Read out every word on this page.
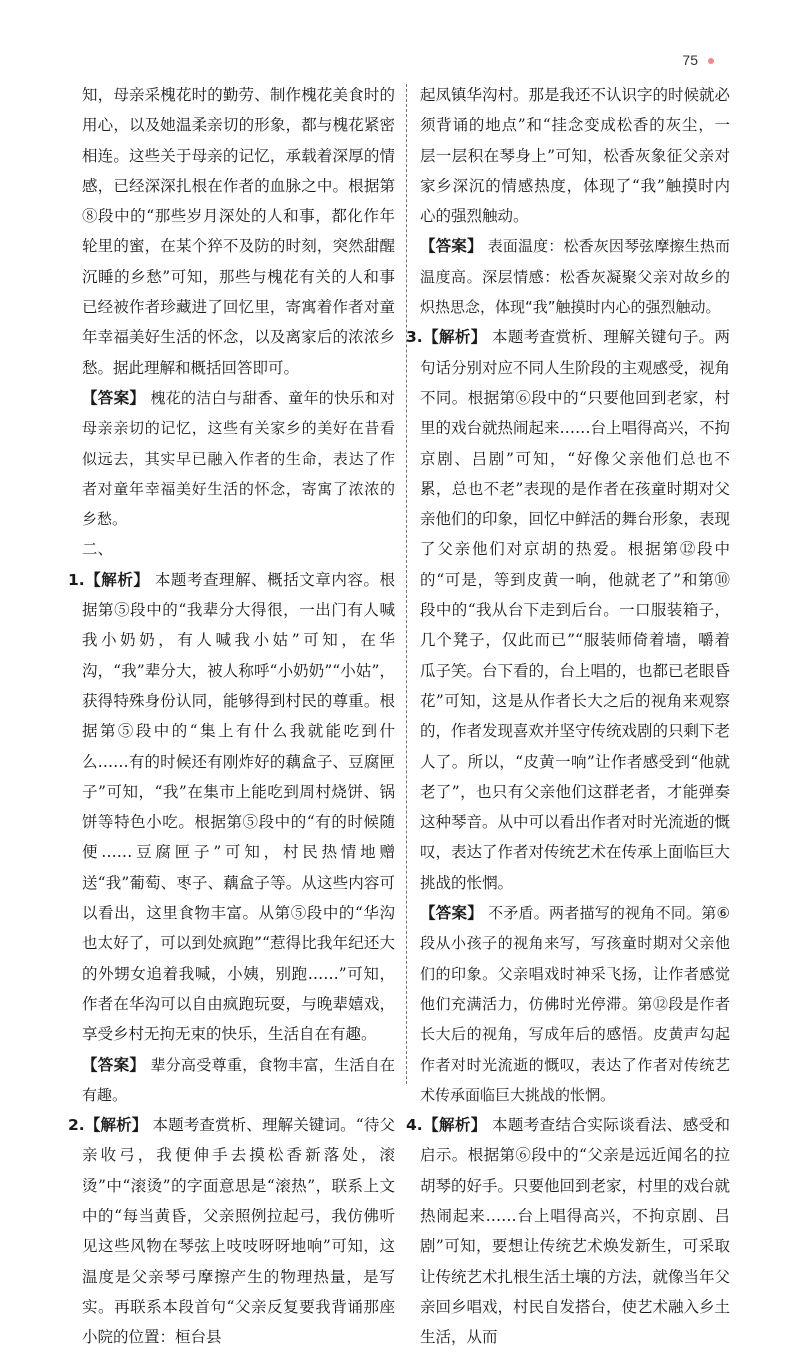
75

知，母亲采槐花时的勤劳、制作槐花美食时的用心，以及她温柔亲切的形象，都与槐花紧密相连。这些关于母亲的记忆，承载着深厚的情感，已经深深扎根在作者的血脉之中。根据第⑧段中的“那些岁月深处的人和事，都化作年轮里的蜜，在某个猝不及防的时刻，突然甜醒沉睡的乡愁”可知，那些与槐花有关的人和事已经被作者珍藏进了回忆里，寄寓着作者对童年幸福美好生活的怀念，以及离家后的浓浓乡愁。据此理解和概括回答即可。

【答案】 槐花的洁白与甜香、童年的快乐和对母亲亲切的记忆，这些有关家乡的美好在昔看似远去，其实早已融入作者的生命，表达了作者对童年幸福美好生活的怀念，寄寓了浓浓的乡愁。

二、

1.【解析】 本题考查理解、概括文章内容。根据第⑤段中的“我辈分大得很，一出门有人喊我小奶奶，有人喊我小姑”可知，在华沟，“我”辈分大，被人称呼“小奶奶”“小姑”，获得特殊身份认同，能够得到村民的尊重。根据第⑤段中的“集上有什么我就能吃到什么……有的时候还有刚炸好的藕盒子、豆腐匣子”可知，“我”在集市上能吃到周村烧饼、锅饼等特色小吃。根据第⑤段中的“有的时候随便……豆腐匣子”可知，村民热情地赠送“我”葡萄、枣子、藕盒子等。从这些内容可以看出，这里食物丰富。从第⑤段中的“华沟也太好了，可以到处疯跑”“惹得比我年纪还大的外甥女追着我喊，小姨，别跑……”可知，作者在华沟可以自由疯跑玩耍，与晚辈嬉戏，享受乡村无拘无束的快乐，生活自在有趣。

【答案】 辈分高受尊重，食物丰富，生活自在有趣。

2.【解析】 本题考查赏析、理解关键词。“待父亲收弓，我便伸手去摸松香新落处，滚烫”中“滚烫”的字面意思是“滚热”，联系上文中的“每当黄昏，父亲照例拉起弓，我仿佛听见这些风物在琴弦上吱吱呀呀地响”可知，这温度是父亲琴弓摩擦产生的物理热量，是写实。再联系本段首句“父亲反复要我背诵那座小院的位置：桓台县

起凤镇华沟村。那是我还不认识字的时候就必须背诵的地点”和“挂念变成松香的灰尘，一层一层积在琴身上”可知，松香灰象征父亲对家乡深沉的情感热度，体现了“我”触摸时内心的强烈触动。

【答案】 表面温度：松香灰因琴弦摩擦生热而温度高。深层情感：松香灰凝聚父亲对故乡的炽热思念，体现“我”触摸时内心的强烈触动。

3.【解析】 本题考查赏析、理解关键句子。两句话分别对应不同人生阶段的主观感受，视角不同。根据第⑥段中的“只要他回到老家，村里的戏台就热闹起来……台上唱得高兴，不拘京剧、吕剧”可知，“好像父亲他们总也不累，总也不老”表现的是作者在孩童时期对父亲他们的印象，回忆中鲜活的舞台形象，表现了父亲他们对京胡的热爱。根据第⑫段中的“可是，等到皮黄一响，他就老了”和第⑩段中的“我从台下走到后台。一口服装箱子，几个凳子，仅此而已”“服装师倚着墙，嚼着瓜子笑。台下看的，台上唱的，也都已老眼昏花”可知，这是从作者长大之后的视角来观察的，作者发现喜欢并坚守传统戏剧的只剩下老人了。所以，“皮黄一响”让作者感受到“他就老了”，也只有父亲他们这群老者，才能弹奏这种琴音。从中可以看出作者对时光流逝的慨叹，表达了作者对传统艺术在传承上面临巨大挑战的怅惘。

【答案】 不矛盾。两者描写的视角不同。第⑥段从小孩子的视角来写，写孩童时期对父亲他们的印象。父亲唱戏时神采飞扬，让作者感觉他们充满活力，仿佛时光停滞。第⑫段是作者长大后的视角，写成年后的感悟。皮黄声勾起作者对时光流逝的慨叹，表达了作者对传统艺术传承面临巨大挑战的怅惘。

4.【解析】 本题考查结合实际谈看法、感受和启示。根据第⑥段中的“父亲是远近闻名的拉胡琴的好手。只要他回到老家，村里的戏台就热闹起来……台上唱得高兴，不拘京剧、吕剧”可知，要想让传统艺术焕发新生，可采取让传统艺术扎根生活土壤的方法，就像当年父亲回乡唱戏，村民自发搭台，使艺术融入乡土生活，从而
